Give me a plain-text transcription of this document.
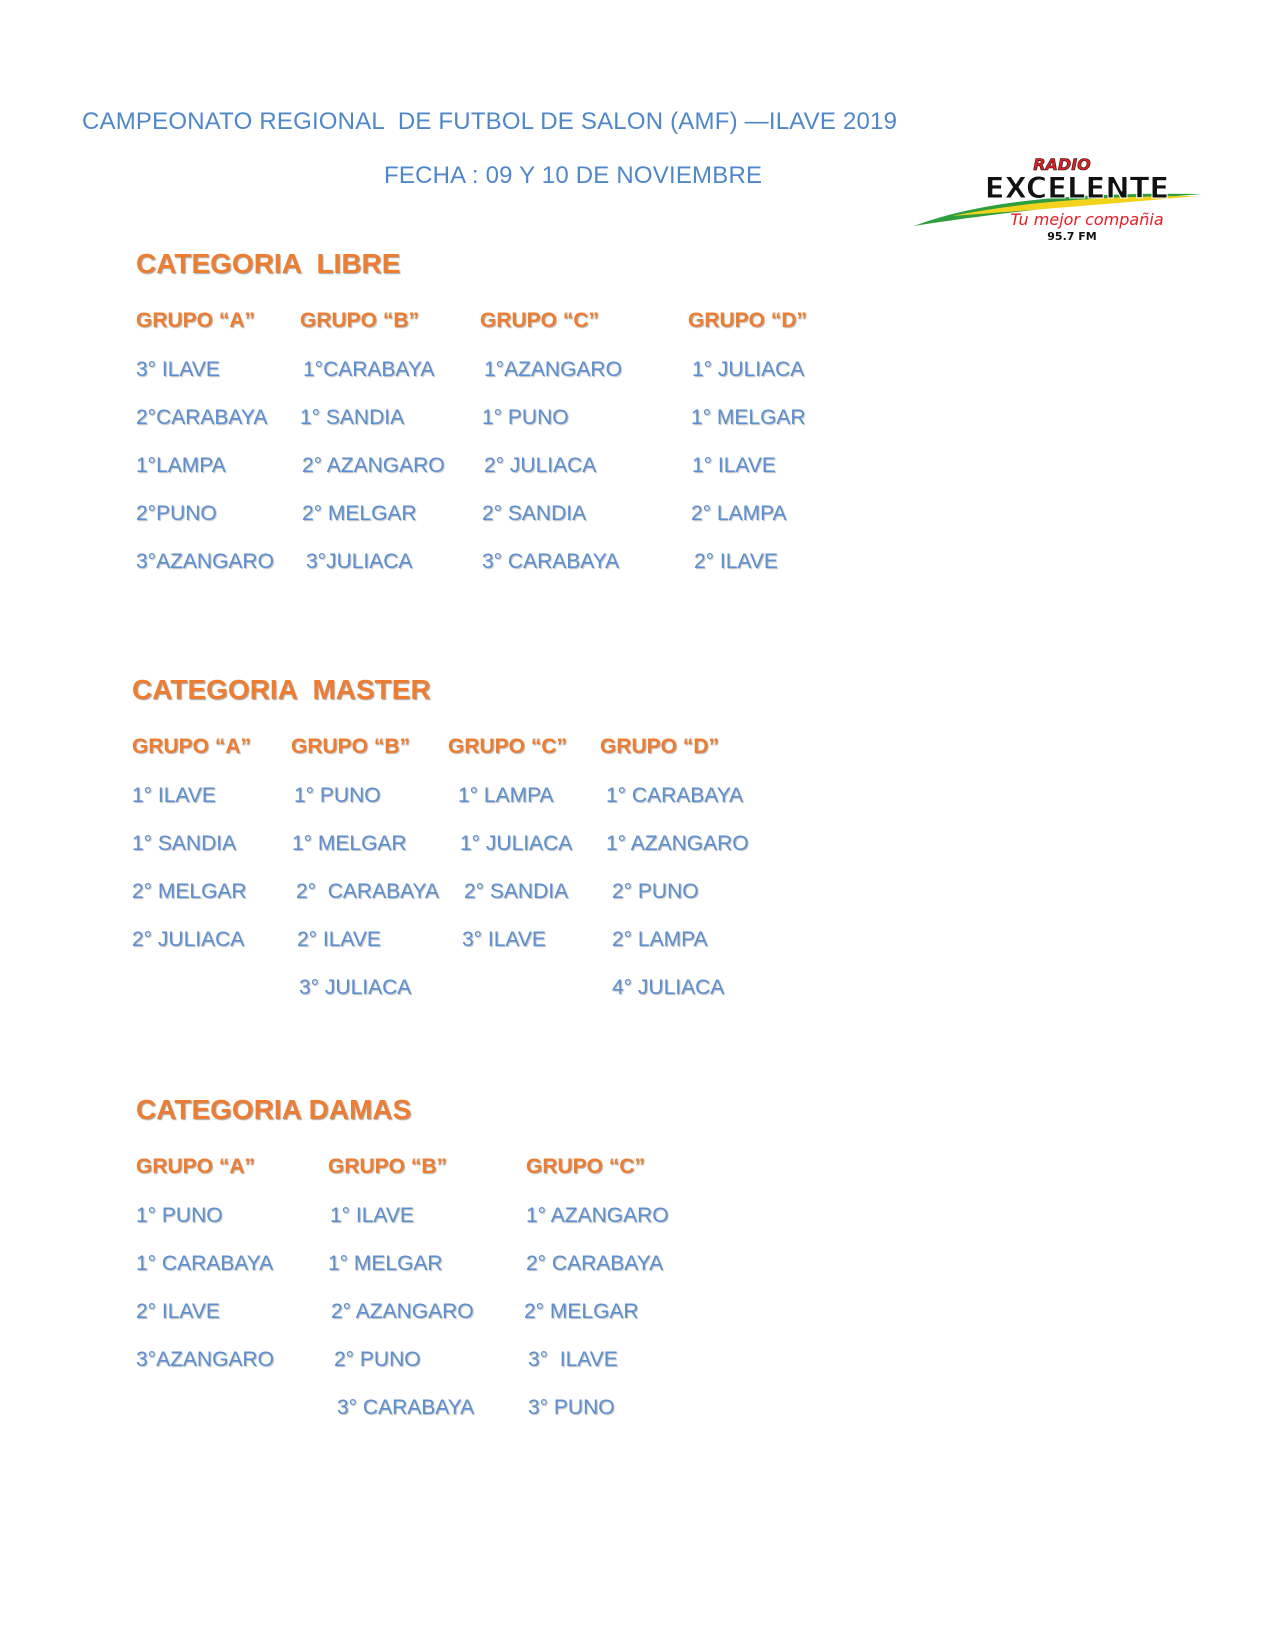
CAMPEONATO REGIONAL  DE FUTBOL DE SALON (AMF) —ILAVE 2019
FECHA : 09 Y 10 DE NOVIEMBRE	RADIO
EXCELENTE
Tu mejor compañia
95.7 FM
CATEGORIA  LIBRE
GRUPO “A”
3° ILAVE
2°CARABAYA
1°LAMPA
2°PUNO
3°AZANGARO
GRUPO “B”
1°CARABAYA
1° SANDIA
2° AZANGARO
2° MELGAR
3°JULIACA
GRUPO “C”
1°AZANGARO
1° PUNO
2° JULIACA
2° SANDIA
3° CARABAYA
GRUPO “D”
1° JULIACA
1° MELGAR
1° ILAVE
2° LAMPA
2° ILAVE
CATEGORIA  MASTER
GRUPO “A”
1° ILAVE
1° SANDIA
2° MELGAR
2° JULIACA
GRUPO “B”
1° PUNO
1° MELGAR
2°  CARABAYA
2° ILAVE
3° JULIACA
GRUPO “C”
1° LAMPA
1° JULIACA
2° SANDIA
3° ILAVE
GRUPO “D”
1° CARABAYA
1° AZANGARO
2° PUNO
2° LAMPA
4° JULIACA
CATEGORIA DAMAS
GRUPO “A”
1° PUNO
1° CARABAYA
2° ILAVE
3°AZANGARO
GRUPO “B”
1° ILAVE
1° MELGAR
2° AZANGARO
2° PUNO
3° CARABAYA
GRUPO “C”
1° AZANGARO
2° CARABAYA
2° MELGAR
3°  ILAVE
3° PUNO
